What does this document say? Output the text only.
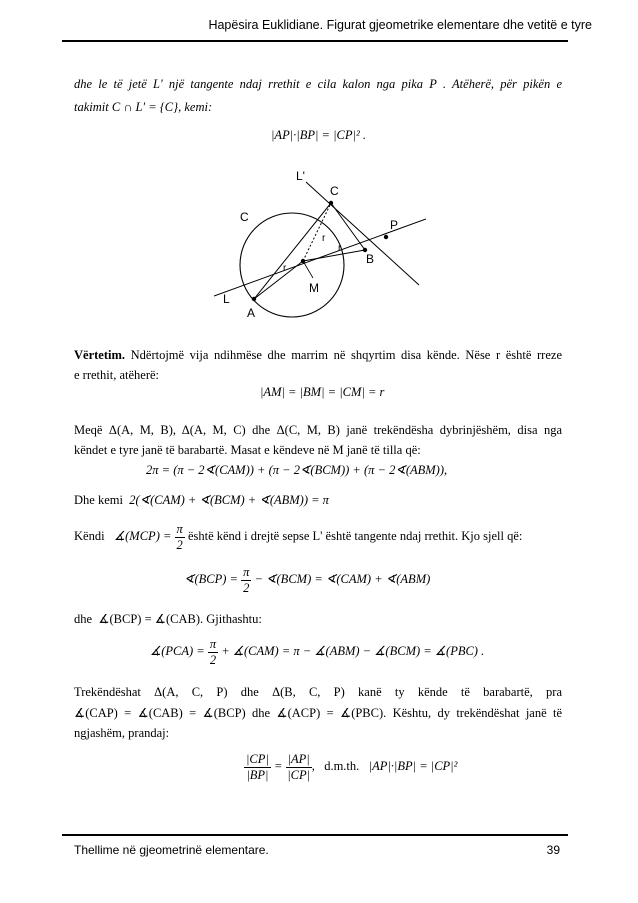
Hapësira Euklidiane. Figurat gjeometrike elementare dhe vetitë e tyre
dhe le të jetë L' një tangente ndaj rrethit e cila kalon nga pika P . Atëherë, për pikën e
takimit C ∩ L' = {C}, kemi:
|AP|·|BP| = |CP|² .
L'
C
C
P
B
A
M
L
r
r
r
Vërtetim. Ndërtojmë vija ndihmëse dhe marrim në shqyrtim disa kënde. Nëse r është rreze
e rrethit, atëherë:
|AM| = |BM| = |CM| = r
Meqë Δ(A, M, B), Δ(A, M, C) dhe Δ(C, M, B) janë trekëndësha dybrinjëshëm, disa nga
këndet e tyre janë të barabartë. Masat e këndeve në M janë të tilla që:
2π = (π − 2∢(CAM)) + (π − 2∢(BCM)) + (π − 2∢(ABM)),
Dhe kemi 2(∢(CAM) + ∢(BCM) + ∢(ABM)) = π
Këndi ∡(MCP) = $\frac{\pi}{2}$ është kënd i drejtë sepse L' është tangente ndaj rrethit. Kjo sjell që:
∢(BCP) = $\frac{\pi}{2}$ − ∢(BCM) = ∢(CAM) + ∢(ABM)
dhe ∡(BCP) = ∡(CAB). Gjithashtu:
∡(PCA) = $\frac{\pi}{2}$ + ∡(CAM) = π − ∡(ABM) − ∡(BCM) = ∡(PBC) .
Trekëndëshat Δ(A, C, P) dhe Δ(B, C, P) kanë ty kënde të barabartë, pra
∡(CAP) = ∡(CAB) = ∡(BCP) dhe ∡(ACP) = ∡(PBC). Kështu, dy trekëndëshat janë të
ngjashëm, prandaj:
$\frac{|CP|}{|BP|} = \frac{|AP|}{|CP|}$ , d.m.th. |AP|·|BP| = |CP|²
Thellime në gjeometrinë elementare.	39
